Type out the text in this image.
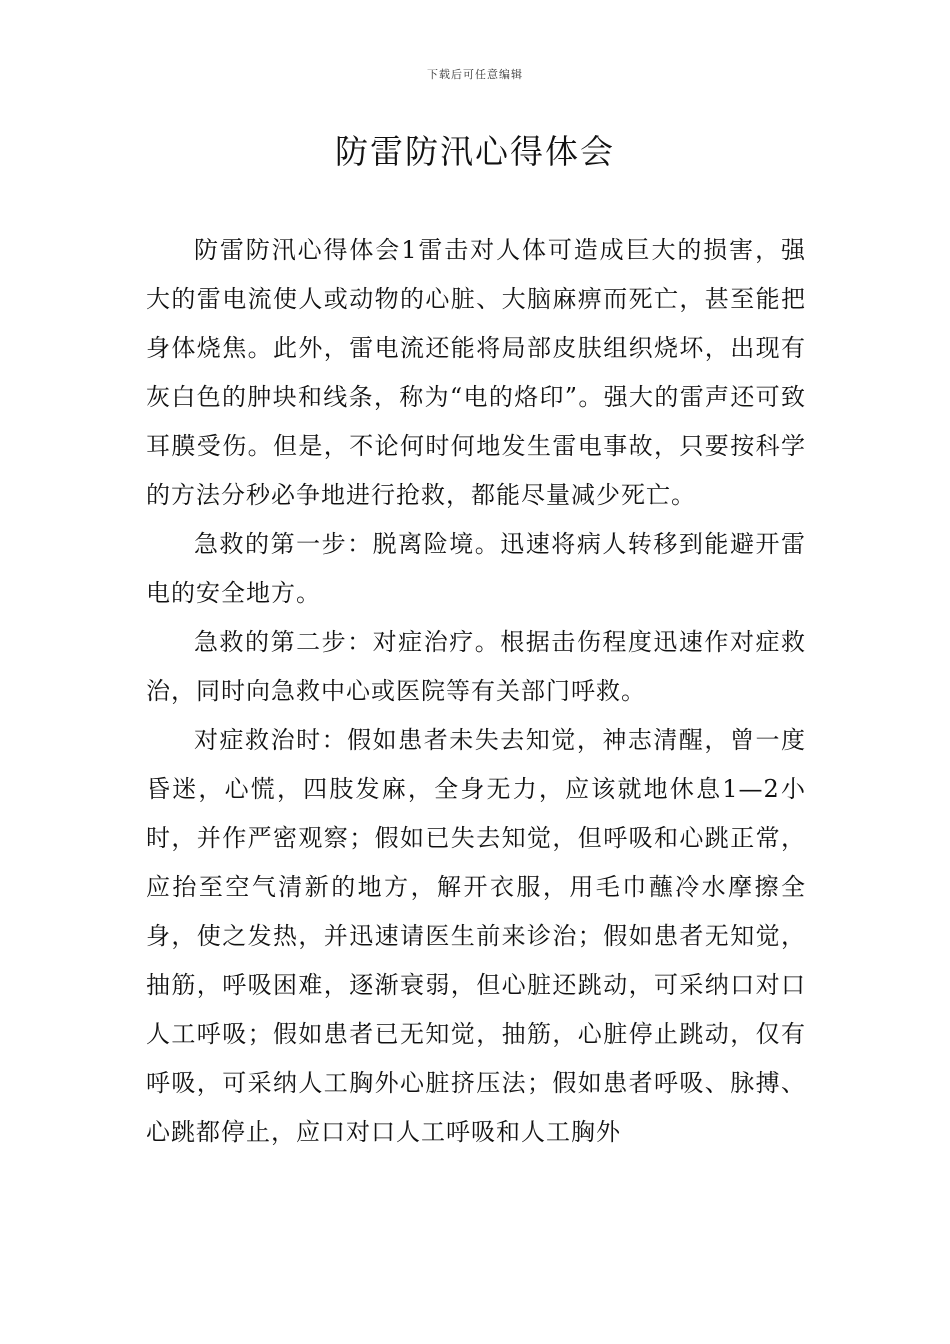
下载后可任意编辑
防雷防汛心得体会

防雷防汛心得体会1雷击对人体可造成巨大的损害，强大的雷电流使人或动物的心脏、大脑麻痹而死亡，甚至能把身体烧焦。此外，雷电流还能将局部皮肤组织烧坏，出现有灰白色的肿块和线条，称为“电的烙印”。强大的雷声还可致耳膜受伤。但是，不论何时何地发生雷电事故，只要按科学的方法分秒必争地进行抢救，都能尽量减少死亡。

急救的第一步：脱离险境。迅速将病人转移到能避开雷电的安全地方。

急救的第二步：对症治疗。根据击伤程度迅速作对症救治，同时向急救中心或医院等有关部门呼救。

对症救治时：假如患者未失去知觉，神志清醒，曾一度昏迷，心慌，四肢发麻，全身无力，应该就地休息1—2小时，并作严密观察；假如已失去知觉，但呼吸和心跳正常，应抬至空气清新的地方，解开衣服，用毛巾蘸冷水摩擦全身，使之发热，并迅速请医生前来诊治；假如患者无知觉，抽筋，呼吸困难，逐渐衰弱，但心脏还跳动，可采纳口对口人工呼吸；假如患者已无知觉，抽筋，心脏停止跳动，仅有呼吸，可采纳人工胸外心脏挤压法；假如患者呼吸、脉搏、心跳都停止，应口对口人工呼吸和人工胸外
